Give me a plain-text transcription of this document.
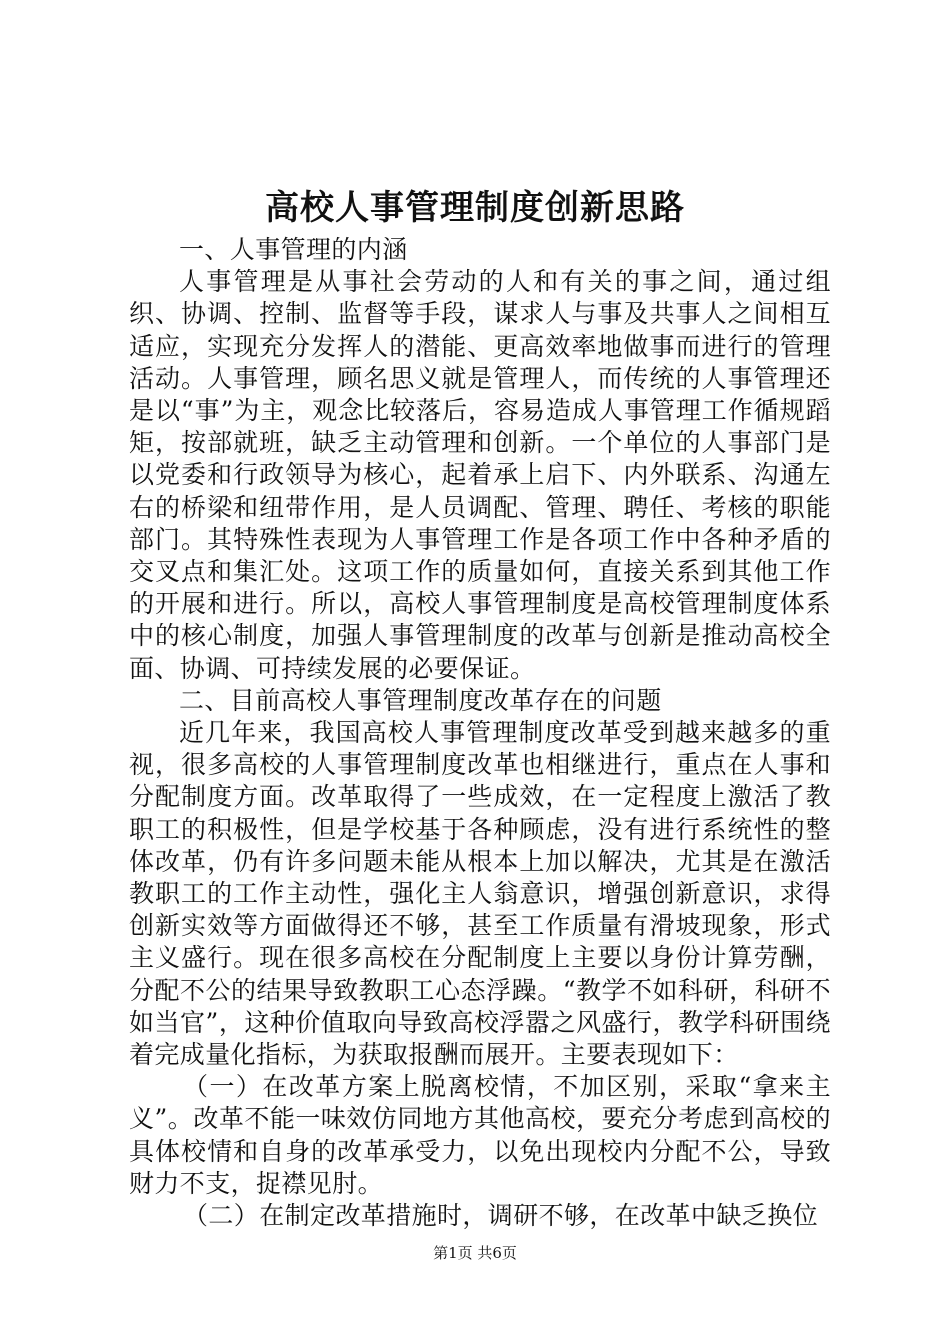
高校人事管理制度创新思路

一、人事管理的内涵

人事管理是从事社会劳动的人和有关的事之间，通过组织、协调、控制、监督等手段，谋求人与事及共事人之间相互适应，实现充分发挥人的潜能、更高效率地做事而进行的管理活动。人事管理，顾名思义就是管理人，而传统的人事管理还是以“事”为主，观念比较落后，容易造成人事管理工作循规蹈矩，按部就班，缺乏主动管理和创新。一个单位的人事部门是以党委和行政领导为核心，起着承上启下、内外联系、沟通左右的桥梁和纽带作用，是人员调配、管理、聘任、考核的职能部门。其特殊性表现为人事管理工作是各项工作中各种矛盾的交叉点和集汇处。这项工作的质量如何，直接关系到其他工作的开展和进行。所以，高校人事管理制度是高校管理制度体系中的核心制度，加强人事管理制度的改革与创新是推动高校全面、协调、可持续发展的必要保证。

二、目前高校人事管理制度改革存在的问题

近几年来，我国高校人事管理制度改革受到越来越多的重视，很多高校的人事管理制度改革也相继进行，重点在人事和分配制度方面。改革取得了一些成效，在一定程度上激活了教职工的积极性，但是学校基于各种顾虑，没有进行系统性的整体改革，仍有许多问题未能从根本上加以解决，尤其是在激活教职工的工作主动性，强化主人翁意识，增强创新意识，求得创新实效等方面做得还不够，甚至工作质量有滑坡现象，形式主义盛行。现在很多高校在分配制度上主要以身份计算劳酬，分配不公的结果导致教职工心态浮躁。“教学不如科研，科研不如当官”，这种价值取向导致高校浮嚣之风盛行，教学科研围绕着完成量化指标，为获取报酬而展开。主要表现如下：

（一）在改革方案上脱离校情，不加区别，采取“拿来主义”。改革不能一味效仿同地方其他高校，要充分考虑到高校的具体校情和自身的改革承受力，以免出现校内分配不公，导致财力不支，捉襟见肘。

（二）在制定改革措施时，调研不够，在改革中缺乏换位

第1页 共6页
